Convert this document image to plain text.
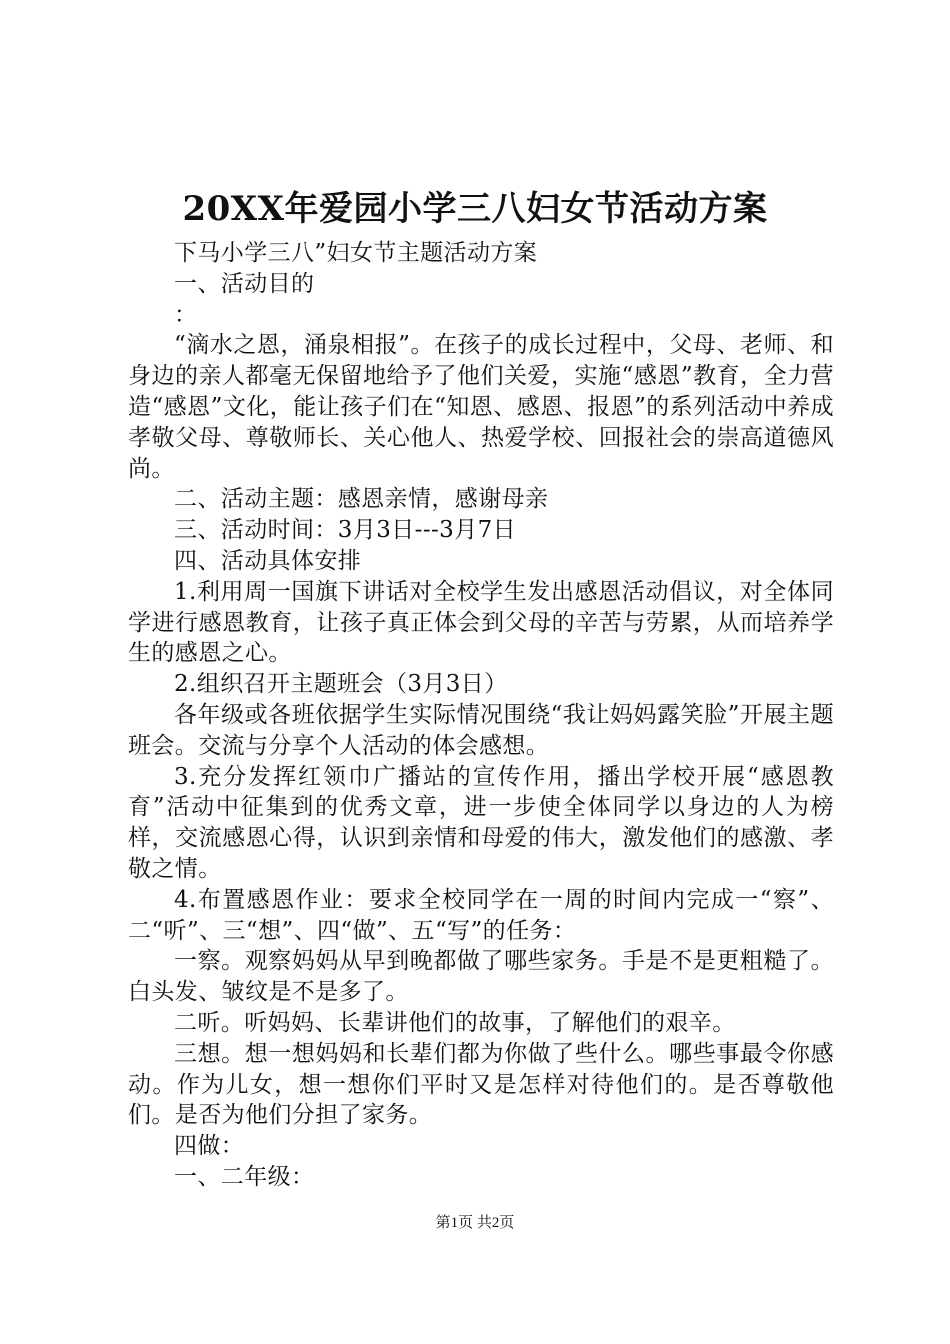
20XX年爱园小学三八妇女节活动方案

下马小学三八”妇女节主题活动方案

一、活动目的

：

“滴水之恩，涌泉相报”。在孩子的成长过程中，父母、老师、和身边的亲人都毫无保留地给予了他们关爱，实施“感恩”教育，全力营造“感恩”文化，能让孩子们在“知恩、感恩、报恩”的系列活动中养成孝敬父母、尊敬师长、关心他人、热爱学校、回报社会的崇高道德风尚。

二、活动主题：感恩亲情，感谢母亲

三、活动时间：3月3日---3月7日

四、活动具体安排

1.利用周一国旗下讲话对全校学生发出感恩活动倡议，对全体同学进行感恩教育，让孩子真正体会到父母的辛苦与劳累，从而培养学生的感恩之心。

2.组织召开主题班会（3月3日）

各年级或各班依据学生实际情况围绕“我让妈妈露笑脸”开展主题班会。交流与分享个人活动的体会感想。

3.充分发挥红领巾广播站的宣传作用，播出学校开展“感恩教育”活动中征集到的优秀文章，进一步使全体同学以身边的人为榜样，交流感恩心得，认识到亲情和母爱的伟大，激发他们的感激、孝敬之情。

4.布置感恩作业：要求全校同学在一周的时间内完成一“察”、二“听”、三“想”、四“做”、五“写”的任务：

一察。观察妈妈从早到晚都做了哪些家务。手是不是更粗糙了。白头发、皱纹是不是多了。

二听。听妈妈、长辈讲他们的故事，了解他们的艰辛。

三想。想一想妈妈和长辈们都为你做了些什么。哪些事最令你感动。作为儿女，想一想你们平时又是怎样对待他们的。是否尊敬他们。是否为他们分担了家务。

四做：

一、二年级：

第1页 共2页
